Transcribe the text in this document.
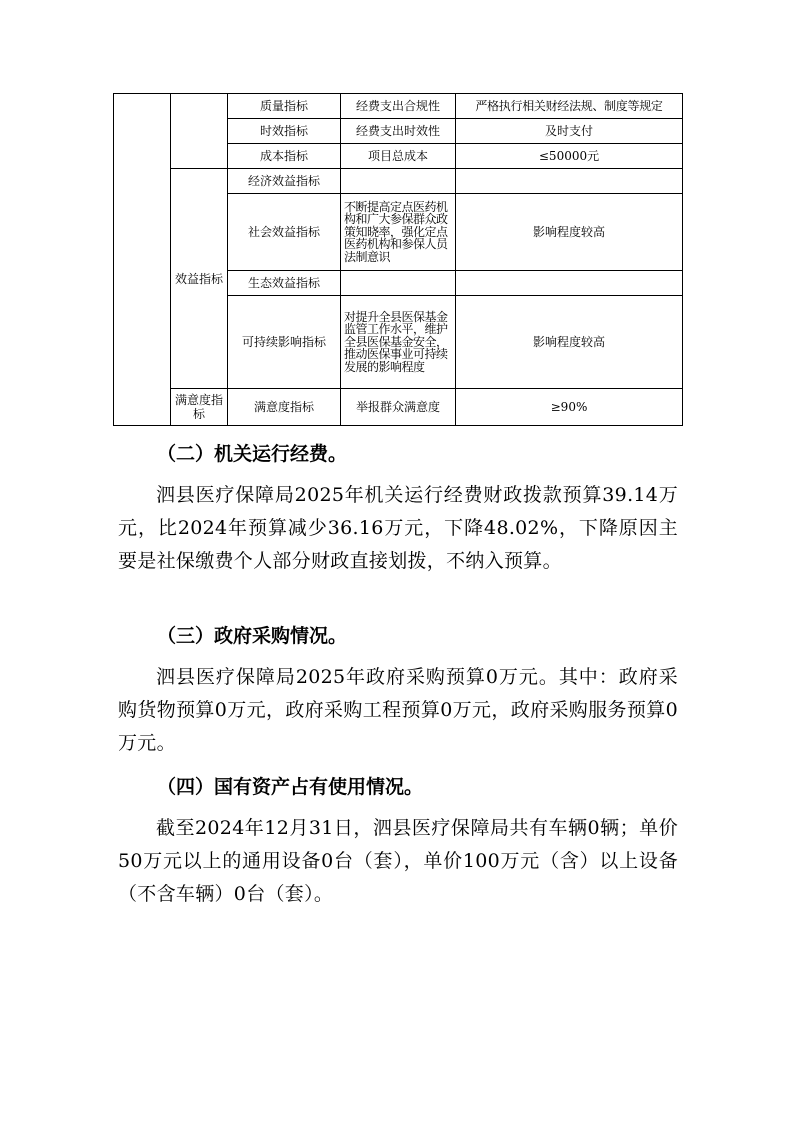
		质量指标	经费支出合规性	严格执行相关财经法规、制度等规定
		时效指标	经费支出时效性	及时支付
		成本指标	项目总成本	≤50000元
	效益指标	经济效益指标		
		社会效益指标	不断提高定点医药机构和广大参保群众政策知晓率，强化定点医药机构和参保人员法制意识	影响程度较高
		生态效益指标		
		可持续影响指标	对提升全县医保基金监管工作水平，维护全县医保基金安全，推动医保事业可持续发展的影响程度	影响程度较高
	满意度指标	满意度指标	举报群众满意度	≥90%
（二）机关运行经费。
泗县医疗保障局2025年机关运行经费财政拨款预算39.14万元，比2024年预算减少36.16万元，下降48.02%，下降原因主要是社保缴费个人部分财政直接划拨，不纳入预算。
（三）政府采购情况。
泗县医疗保障局2025年政府采购预算0万元。其中：政府采购货物预算0万元，政府采购工程预算0万元，政府采购服务预算0万元。
（四）国有资产占有使用情况。
截至2024年12月31日，泗县医疗保障局共有车辆0辆；单价50万元以上的通用设备0台（套），单价100万元（含）以上设备（不含车辆）0台（套）。
